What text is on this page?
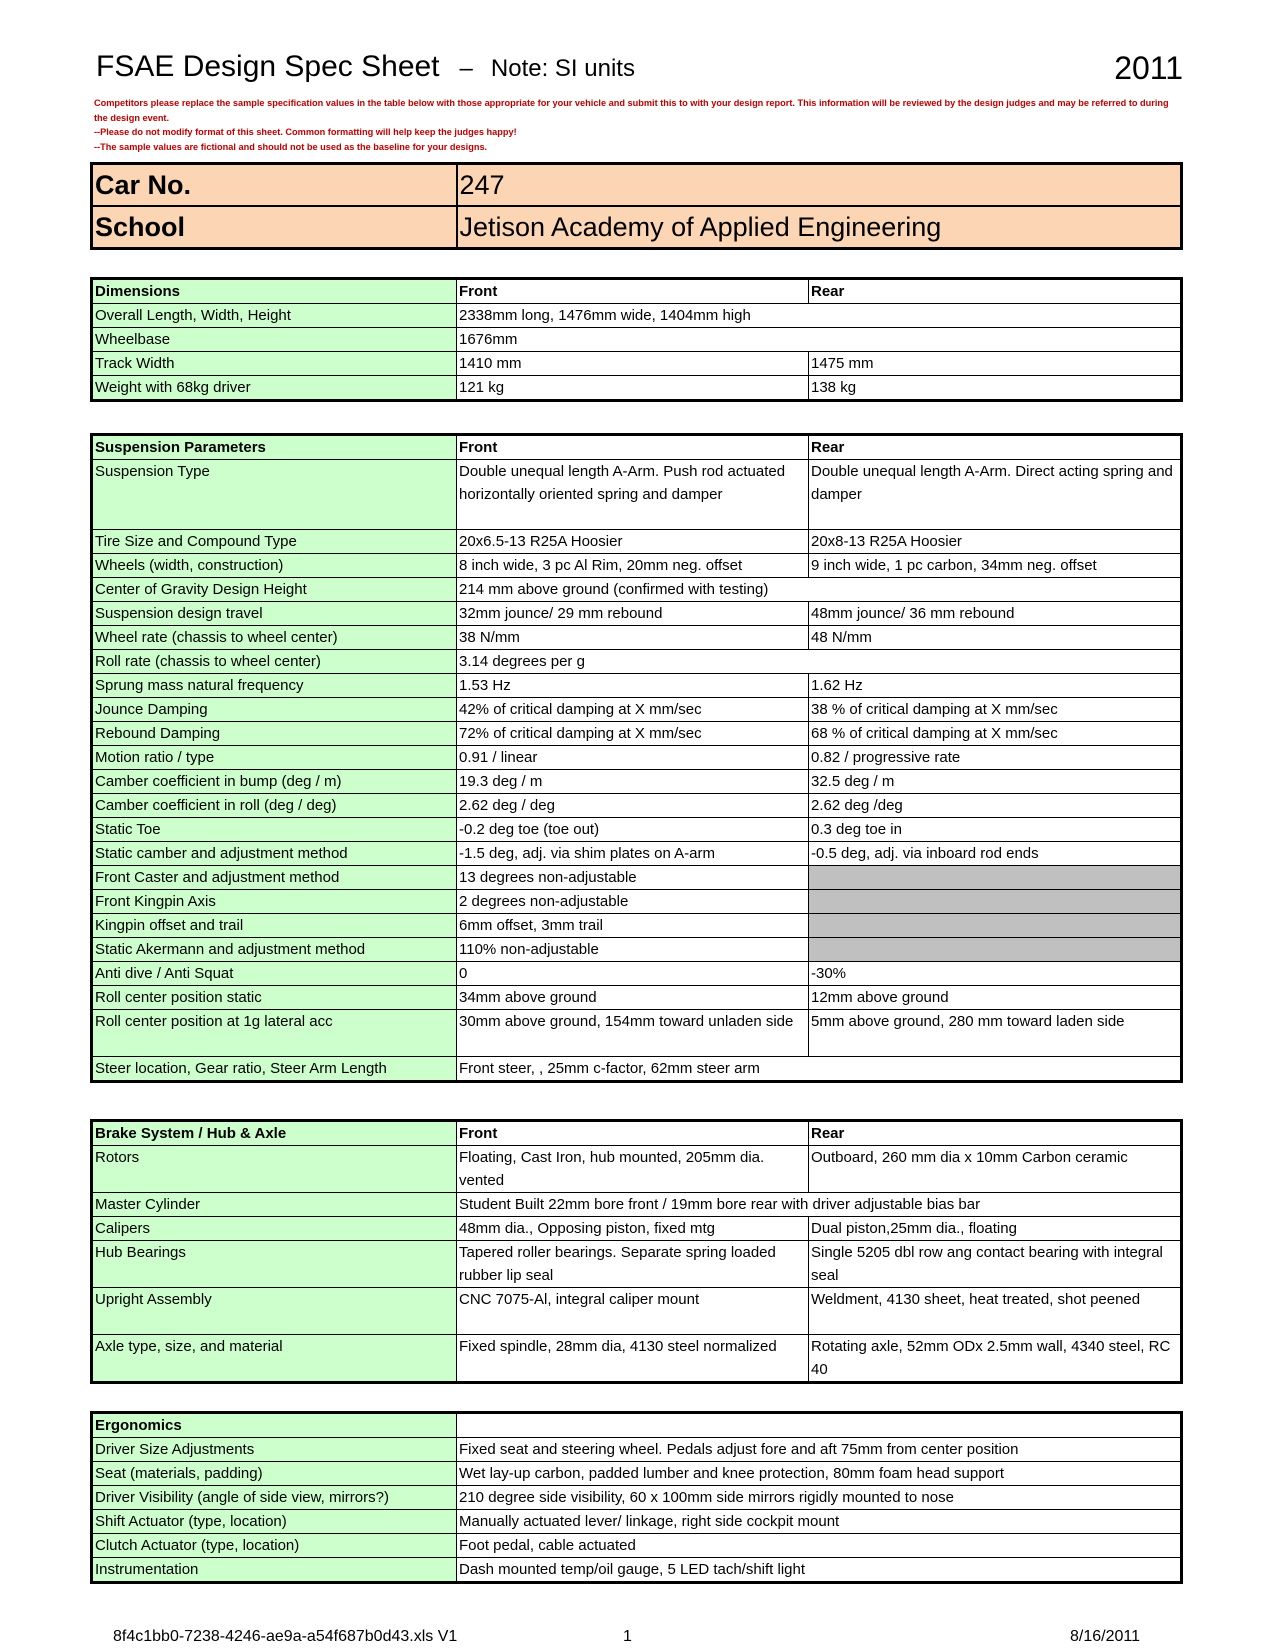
FSAE Design Spec Sheet – Note: SI units	2011
Competitors please replace the sample specification values in the table below with those appropriate for your vehicle and submit this to with your design report. This information will be reviewed by the design judges and may be referred to during the design event.
--Please do not modify format of this sheet. Common formatting will help keep the judges happy!
--The sample values are fictional and should not be used as the baseline for your designs.
Car No.	247
School	Jetison Academy of Applied Engineering
Dimensions	Front	Rear
Overall Length, Width, Height	2338mm long, 1476mm wide, 1404mm high	
Wheelbase	1676mm	
Track Width	1410 mm	1475 mm
Weight with 68kg driver	121 kg	138 kg
Suspension Parameters	Front	Rear
Suspension Type	Double unequal length A-Arm. Push rod actuated horizontally oriented spring and damper	Double unequal length A-Arm. Direct acting spring and damper
Tire Size and Compound Type	20x6.5-13 R25A Hoosier	20x8-13 R25A Hoosier
Wheels (width, construction)	8 inch wide, 3 pc Al Rim, 20mm neg. offset	9 inch wide, 1 pc carbon, 34mm neg. offset
Center of Gravity Design Height	214 mm above ground (confirmed with testing)	
Suspension design travel	32mm jounce/ 29 mm rebound	48mm jounce/ 36 mm rebound
Wheel rate (chassis to wheel center)	38 N/mm	48 N/mm
Roll rate (chassis to wheel center)	3.14 degrees per g	
Sprung mass natural frequency	1.53 Hz	1.62 Hz
Jounce Damping	42% of critical damping at X mm/sec	38 % of critical damping at X mm/sec
Rebound Damping	72% of critical damping at X mm/sec	68 % of critical damping at X mm/sec
Motion ratio / type	0.91 / linear	0.82 / progressive rate
Camber coefficient in bump (deg / m)	19.3 deg / m	32.5 deg / m
Camber coefficient in roll (deg / deg)	2.62 deg / deg	2.62 deg /deg
Static Toe	-0.2 deg toe (toe out)	0.3 deg toe in
Static camber and adjustment method	-1.5 deg, adj. via shim plates on A-arm	-0.5 deg, adj. via inboard rod ends
Front Caster and adjustment method	13 degrees non-adjustable	
Front Kingpin Axis	2 degrees non-adjustable	
Kingpin offset and trail	6mm offset, 3mm trail	
Static Akermann and adjustment method	110% non-adjustable	
Anti dive / Anti Squat	0	-30%
Roll center position static	34mm above ground	12mm above ground
Roll center position at 1g lateral acc	30mm above ground, 154mm toward unladen side	5mm above ground, 280 mm toward laden side
Steer location, Gear ratio, Steer Arm Length	Front steer, , 25mm c-factor, 62mm steer arm	
Brake System / Hub & Axle	Front	Rear
Rotors	Floating, Cast Iron, hub mounted, 205mm dia. vented	Outboard, 260 mm dia x 10mm Carbon ceramic
Master Cylinder	Student Built 22mm bore front / 19mm bore rear with driver adjustable bias bar	
Calipers	48mm dia., Opposing piston, fixed mtg	Dual piston,25mm dia., floating
Hub Bearings	Tapered roller bearings. Separate spring loaded rubber lip seal	Single 5205 dbl row ang contact bearing with integral seal
Upright Assembly	CNC 7075-Al, integral caliper mount	Weldment, 4130 sheet, heat treated, shot peened
Axle type, size, and material	Fixed spindle, 28mm dia, 4130 steel normalized	Rotating axle, 52mm ODx 2.5mm wall, 4340 steel, RC 40
Ergonomics	
Driver Size Adjustments	Fixed seat and steering wheel. Pedals adjust fore and aft 75mm from center position
Seat (materials, padding)	Wet lay-up carbon, padded lumber and knee protection, 80mm foam head support
Driver Visibility (angle of side view, mirrors?)	210 degree side visibility, 60 x 100mm side mirrors rigidly mounted to nose
Shift Actuator (type, location)	Manually actuated lever/ linkage, right side cockpit mount
Clutch Actuator (type, location)	Foot pedal, cable actuated
Instrumentation	Dash mounted temp/oil gauge, 5 LED tach/shift light
8f4c1bb0-7238-4246-ae9a-a54f687b0d43.xls V1	1	8/16/2011
